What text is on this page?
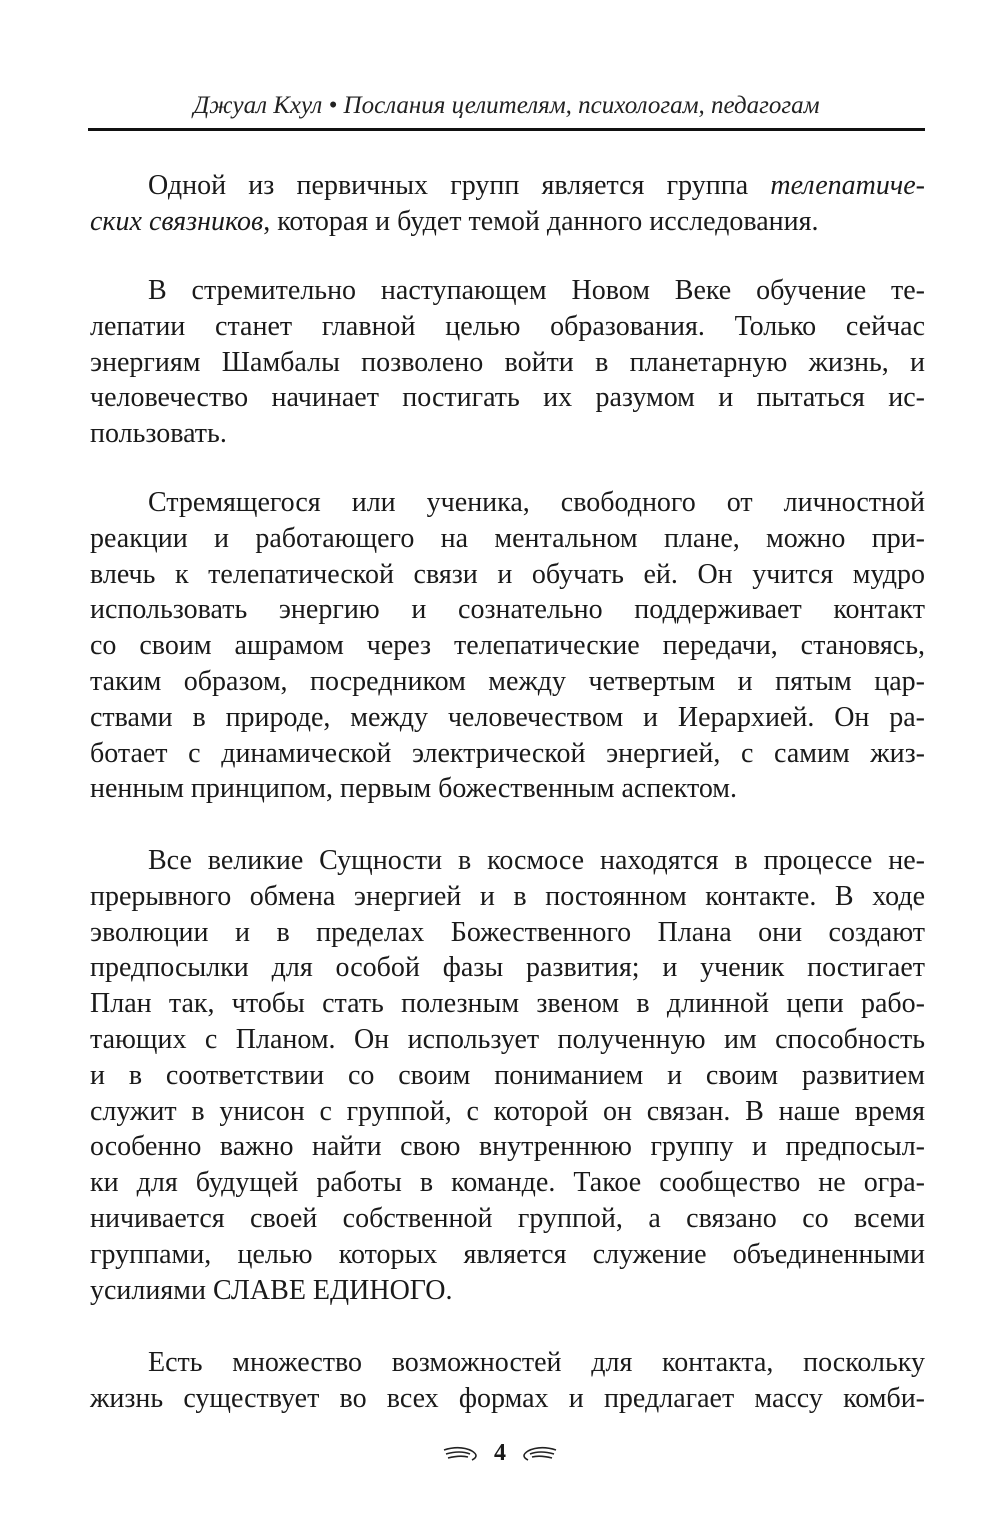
Джуал Кхул • Послания целителям, психологам, педагогам
Одной из первичных групп является группа телепатиче-
ских связников, которая и будет темой данного исследования.
В стремительно наступающем Новом Веке обучение те-
лепатии станет главной целью образования. Только сейчас
энергиям Шамбалы позволено войти в планетарную жизнь, и
человечество начинает постигать их разумом и пытаться ис-
пользовать.
Стремящегося или ученика, свободного от личностной
реакции и работающего на ментальном плане, можно при-
влечь к телепатической связи и обучать ей. Он учится мудро
использовать энергию и сознательно поддерживает контакт
со своим ашрамом через телепатические передачи, становясь,
таким образом, посредником между четвертым и пятым цар-
ствами в природе, между человечеством и Иерархией. Он ра-
ботает с динамической электрической энергией, с самим жиз-
ненным принципом, первым божественным аспектом.
Все великие Сущности в космосе находятся в процессе не-
прерывного обмена энергией и в постоянном контакте. В ходе
эволюции и в пределах Божественного Плана они создают
предпосылки для особой фазы развития; и ученик постигает
План так, чтобы стать полезным звеном в длинной цепи рабо-
тающих с Планом. Он использует полученную им способность
и в соответствии со своим пониманием и своим развитием
служит в унисон с группой, с которой он связан. В наше время
особенно важно найти свою внутреннюю группу и предпосыл-
ки для будущей работы в команде. Такое сообщество не огра-
ничивается своей собственной группой, а связано со всеми
группами, целью которых является служение объединенными
усилиями СЛАВЕ ЕДИНОГО.
Есть множество возможностей для контакта, поскольку
жизнь существует во всех формах и предлагает массу комби-
4
